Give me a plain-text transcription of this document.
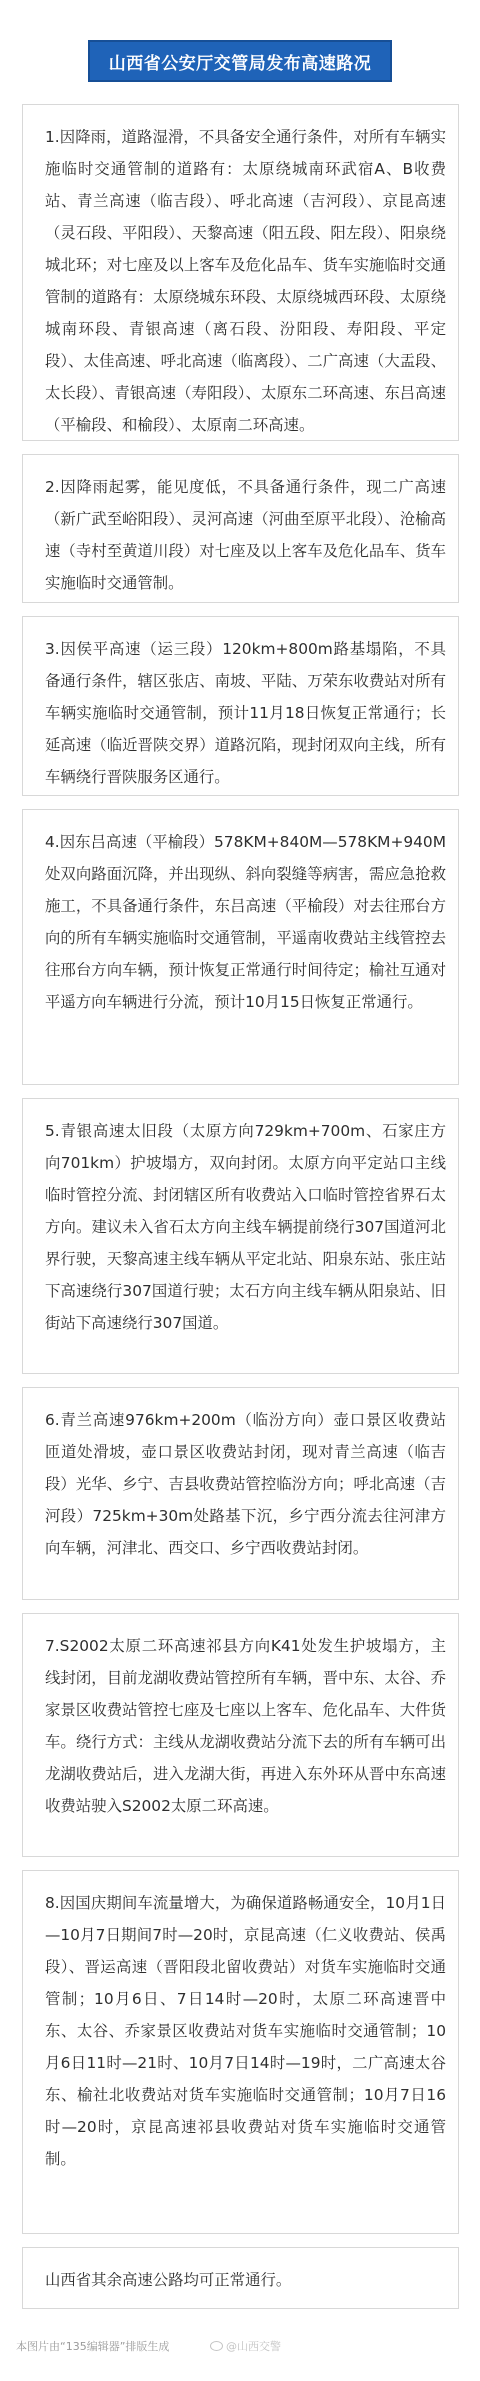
山西省公安厅交管局发布高速路况

1.因降雨，道路湿滑，不具备安全通行条件，对所有车辆实施临时交通管制的道路有：太原绕城南环武宿A、B收费站、青兰高速（临吉段）、呼北高速（吉河段）、京昆高速（灵石段、平阳段）、天黎高速（阳五段、阳左段）、阳泉绕城北环；对七座及以上客车及危化品车、货车实施临时交通管制的道路有：太原绕城东环段、太原绕城西环段、太原绕城南环段、青银高速（离石段、汾阳段、寿阳段、平定段）、太佳高速、呼北高速（临离段）、二广高速（大盂段、太长段）、青银高速（寿阳段）、太原东二环高速、东吕高速（平榆段、和榆段）、太原南二环高速。

2.因降雨起雾，能见度低，不具备通行条件，现二广高速（新广武至峪阳段）、灵河高速（河曲至原平北段）、沧榆高速（寺村至黄道川段）对七座及以上客车及危化品车、货车实施临时交通管制。

3.因侯平高速（运三段）120km+800m路基塌陷，不具备通行条件，辖区张店、南坡、平陆、万荣东收费站对所有车辆实施临时交通管制，预计11月18日恢复正常通行；长延高速（临近晋陕交界）道路沉陷，现封闭双向主线，所有车辆绕行晋陕服务区通行。

4.因东吕高速（平榆段）578KM+840M—578KM+940M处双向路面沉降，并出现纵、斜向裂缝等病害，需应急抢救施工，不具备通行条件，东吕高速（平榆段）对去往邢台方向的所有车辆实施临时交通管制，平遥南收费站主线管控去往邢台方向车辆，预计恢复正常通行时间待定；榆社互通对平遥方向车辆进行分流，预计10月15日恢复正常通行。

5.青银高速太旧段（太原方向729km+700m、石家庄方向701km）护坡塌方，双向封闭。太原方向平定站口主线临时管控分流、封闭辖区所有收费站入口临时管控省界石太方向。建议未入省石太方向主线车辆提前绕行307国道河北界行驶，天黎高速主线车辆从平定北站、阳泉东站、张庄站下高速绕行307国道行驶；太石方向主线车辆从阳泉站、旧街站下高速绕行307国道。

6.青兰高速976km+200m（临汾方向）壶口景区收费站匝道处滑坡，壶口景区收费站封闭，现对青兰高速（临吉段）光华、乡宁、吉县收费站管控临汾方向；呼北高速（吉河段）725km+30m处路基下沉，乡宁西分流去往河津方向车辆，河津北、西交口、乡宁西收费站封闭。

7.S2002太原二环高速祁县方向K41处发生护坡塌方，主线封闭，目前龙湖收费站管控所有车辆，晋中东、太谷、乔家景区收费站管控七座及七座以上客车、危化品车、大件货车。绕行方式：主线从龙湖收费站分流下去的所有车辆可出龙湖收费站后，进入龙湖大街，再进入东外环从晋中东高速收费站驶入S2002太原二环高速。

8.因国庆期间车流量增大，为确保道路畅通安全，10月1日—10月7日期间7时—20时，京昆高速（仁义收费站、侯禹段）、晋运高速（晋阳段北留收费站）对货车实施临时交通管制；10月6日、7日14时—20时，太原二环高速晋中东、太谷、乔家景区收费站对货车实施临时交通管制；10月6日11时—21时、10月7日14时—19时，二广高速太谷东、榆社北收费站对货车实施临时交通管制；10月7日16时—20时，京昆高速祁县收费站对货车实施临时交通管制。

山西省其余高速公路均可正常通行。

本图片由“135编辑器”排版生成	@山西交警
